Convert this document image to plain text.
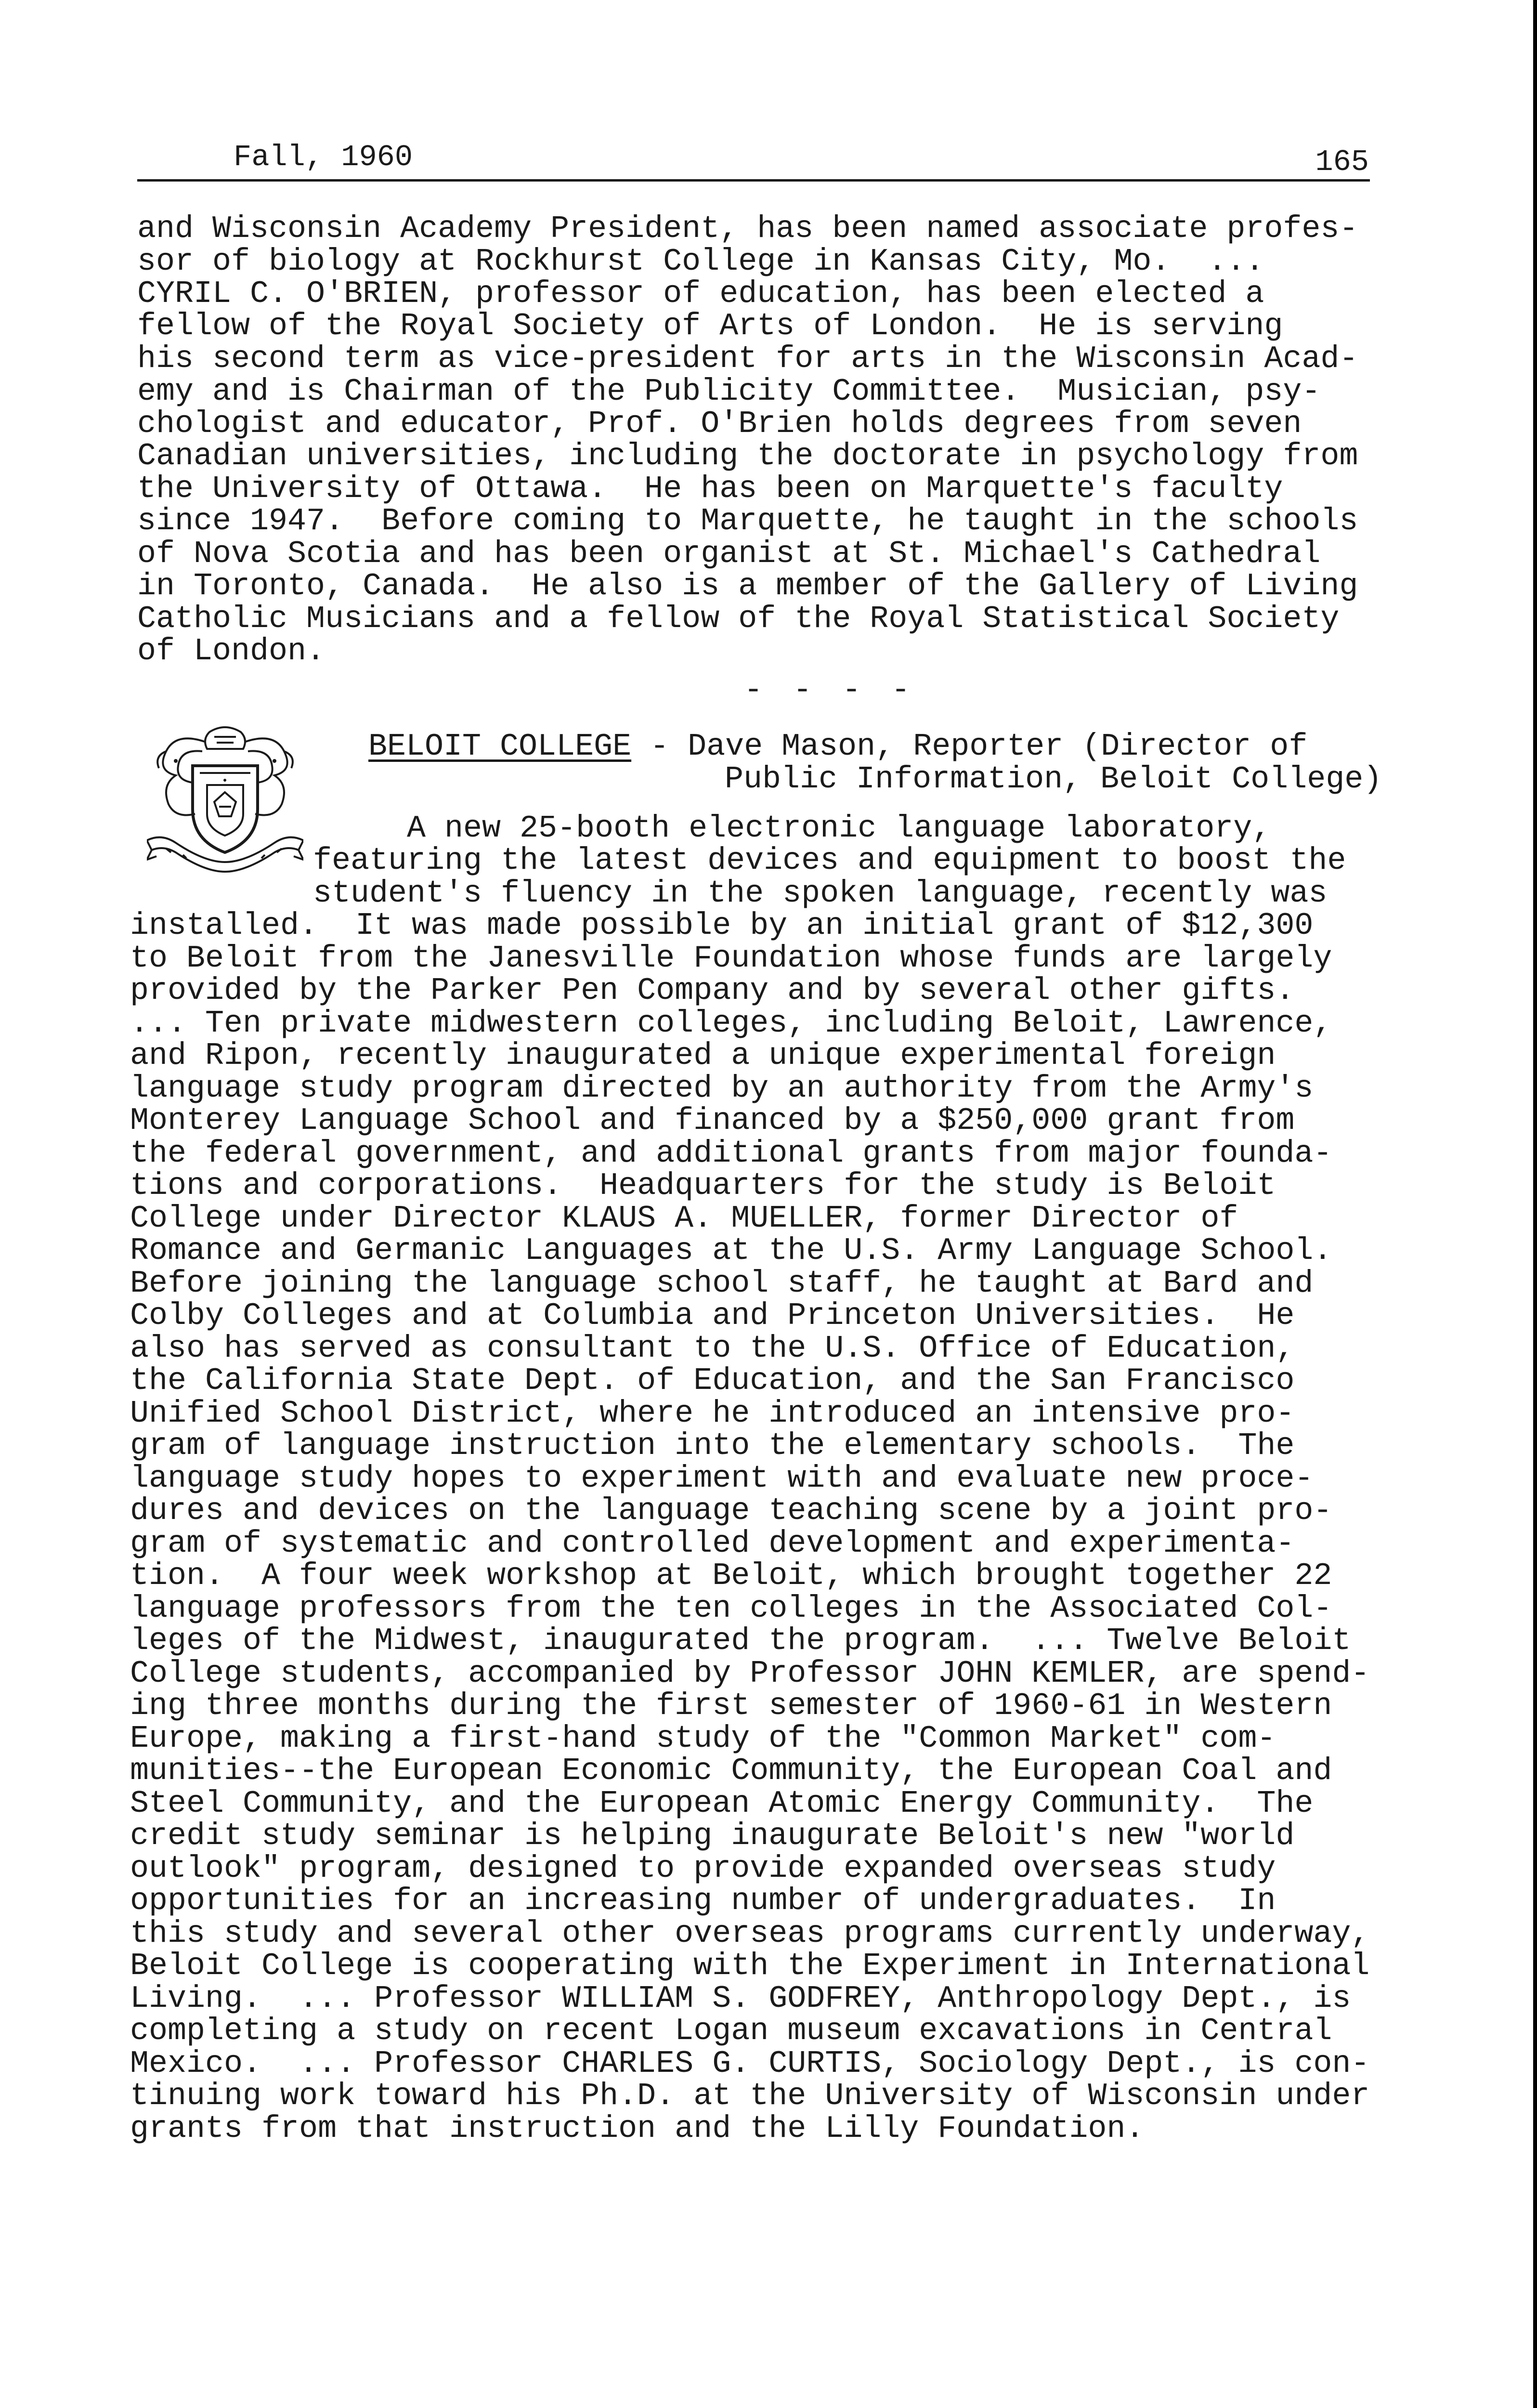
Fall, 1960	165
and Wisconsin Academy President, has been named associate profes-
sor of biology at Rockhurst College in Kansas City, Mo.  ...
CYRIL C. O'BRIEN, professor of education, has been elected a
fellow of the Royal Society of Arts of London.  He is serving
his second term as vice-president for arts in the Wisconsin Acad-
emy and is Chairman of the Publicity Committee.  Musician, psy-
chologist and educator, Prof. O'Brien holds degrees from seven
Canadian universities, including the doctorate in psychology from
the University of Ottawa.  He has been on Marquette's faculty
since 1947.  Before coming to Marquette, he taught in the schools
of Nova Scotia and has been organist at St. Michael's Cathedral
in Toronto, Canada.  He also is a member of the Gallery of Living
Catholic Musicians and a fellow of the Royal Statistical Society
of London.
- - - -
BELOIT COLLEGE - Dave Mason, Reporter (Director of
Public Information, Beloit College)
A new 25-booth electronic language laboratory,
featuring the latest devices and equipment to boost the
student's fluency in the spoken language, recently was
installed.  It was made possible by an initial grant of $12,300
to Beloit from the Janesville Foundation whose funds are largely
provided by the Parker Pen Company and by several other gifts.
... Ten private midwestern colleges, including Beloit, Lawrence,
and Ripon, recently inaugurated a unique experimental foreign
language study program directed by an authority from the Army's
Monterey Language School and financed by a $250,000 grant from
the federal government, and additional grants from major founda-
tions and corporations.  Headquarters for the study is Beloit
College under Director KLAUS A. MUELLER, former Director of
Romance and Germanic Languages at the U.S. Army Language School.
Before joining the language school staff, he taught at Bard and
Colby Colleges and at Columbia and Princeton Universities.  He
also has served as consultant to the U.S. Office of Education,
the California State Dept. of Education, and the San Francisco
Unified School District, where he introduced an intensive pro-
gram of language instruction into the elementary schools.  The
language study hopes to experiment with and evaluate new proce-
dures and devices on the language teaching scene by a joint pro-
gram of systematic and controlled development and experimenta-
tion.  A four week workshop at Beloit, which brought together 22
language professors from the ten colleges in the Associated Col-
leges of the Midwest, inaugurated the program.  ... Twelve Beloit
College students, accompanied by Professor JOHN KEMLER, are spend-
ing three months during the first semester of 1960-61 in Western
Europe, making a first-hand study of the "Common Market" com-
munities--the European Economic Community, the European Coal and
Steel Community, and the European Atomic Energy Community.  The
credit study seminar is helping inaugurate Beloit's new "world
outlook" program, designed to provide expanded overseas study
opportunities for an increasing number of undergraduates.  In
this study and several other overseas programs currently underway,
Beloit College is cooperating with the Experiment in International
Living.  ... Professor WILLIAM S. GODFREY, Anthropology Dept., is
completing a study on recent Logan museum excavations in Central
Mexico.  ... Professor CHARLES G. CURTIS, Sociology Dept., is con-
tinuing work toward his Ph.D. at the University of Wisconsin under
grants from that instruction and the Lilly Foundation.
